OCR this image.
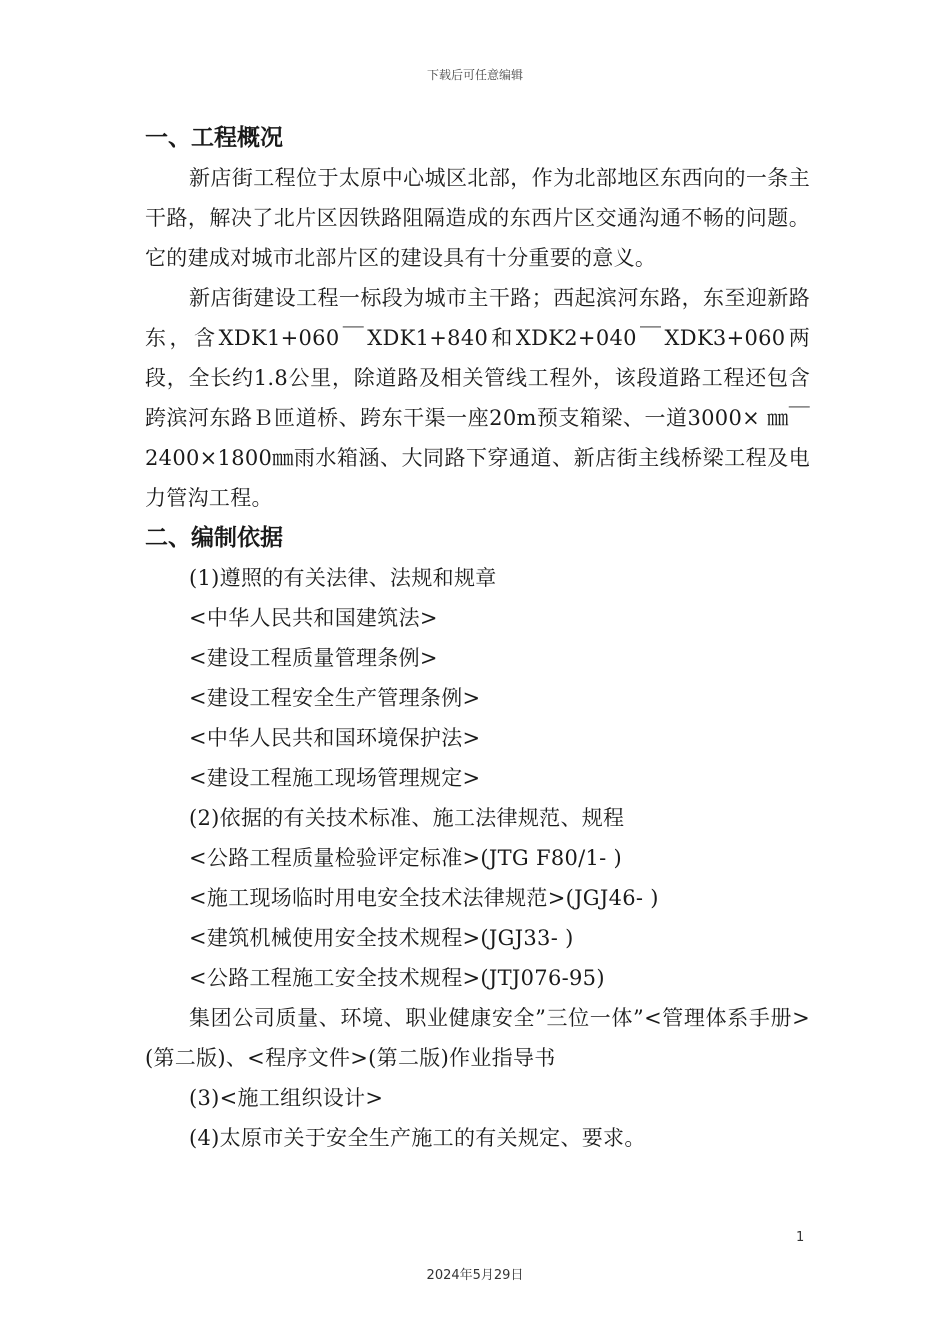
下载后可任意编辑
一、工程概况

新店街工程位于太原中心城区北部，作为北部地区东西向的一条主干路，解决了北片区因铁路阻隔造成的东西片区交通沟通不畅的问题。它的建成对城市北部片区的建设具有十分重要的意义。

新店街建设工程一标段为城市主干路；西起滨河东路，东至迎新路东，含XDK1+060￣XDK1+840和XDK2+040￣XDK3+060两段，全长约1.8公里，除道路及相关管线工程外，该段道路工程还包含跨滨河东路Ｂ匝道桥、跨东干渠一座20m预支箱梁、一道3000× ㎜￣2400×1800㎜雨水箱涵、大同路下穿通道、新店街主线桥梁工程及电力管沟工程。

二、编制依据

(1)遵照的有关法律、法规和规章

<中华人民共和国建筑法>

<建设工程质量管理条例>

<建设工程安全生产管理条例>

<中华人民共和国环境保护法>

<建设工程施工现场管理规定>

(2)依据的有关技术标准、施工法律规范、规程

<公路工程质量检验评定标准>(JTG F80/1- )

<施工现场临时用电安全技术法律规范>(JGJ46- )

<建筑机械使用安全技术规程>(JGJ33- )

<公路工程施工安全技术规程>(JTJ076-95)

集团公司质量、环境、职业健康安全”三位一体”<管理体系手册>(第二版)、<程序文件>(第二版)作业指导书

(3)<施工组织设计>

(4)太原市关于安全生产施工的有关规定、要求。

1
2024年5月29日
